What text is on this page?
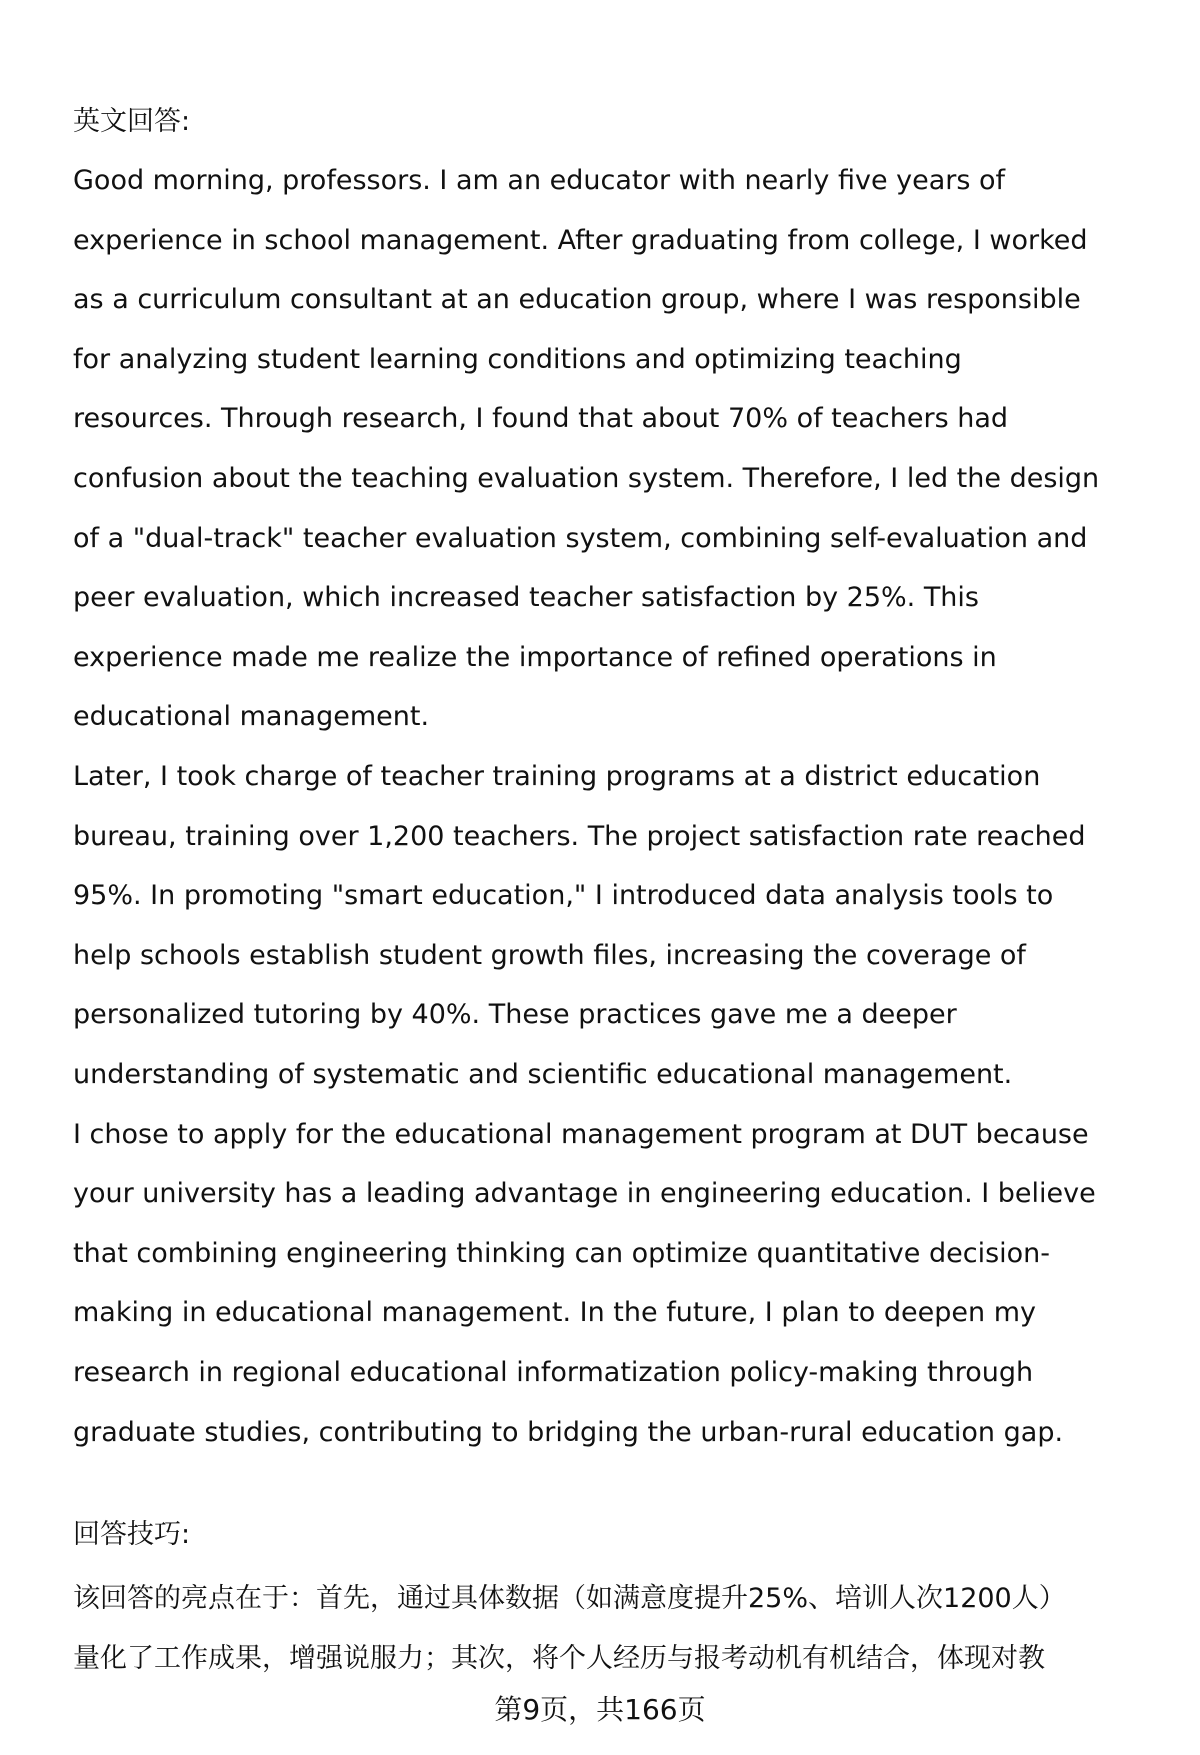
英文回答:
Good morning, professors. I am an educator with nearly five years of
experience in school management. After graduating from college, I worked
as a curriculum consultant at an education group, where I was responsible
for analyzing student learning conditions and optimizing teaching
resources. Through research, I found that about 70% of teachers had
confusion about the teaching evaluation system. Therefore, I led the design
of a "dual-track" teacher evaluation system, combining self-evaluation and
peer evaluation, which increased teacher satisfaction by 25%. This
experience made me realize the importance of refined operations in
educational management.
Later, I took charge of teacher training programs at a district education
bureau, training over 1,200 teachers. The project satisfaction rate reached
95%. In promoting "smart education," I introduced data analysis tools to
help schools establish student growth files, increasing the coverage of
personalized tutoring by 40%. These practices gave me a deeper
understanding of systematic and scientific educational management.
I chose to apply for the educational management program at DUT because
your university has a leading advantage in engineering education. I believe
that combining engineering thinking can optimize quantitative decision-
making in educational management. In the future, I plan to deepen my
research in regional educational informatization policy-making through
graduate studies, contributing to bridging the urban-rural education gap.
回答技巧:
该回答的亮点在于：首先，通过具体数据（如满意度提升25%、培训人次1200人）
量化了工作成果，增强说服力；其次，将个人经历与报考动机有机结合，体现对教
第9页，共166页
